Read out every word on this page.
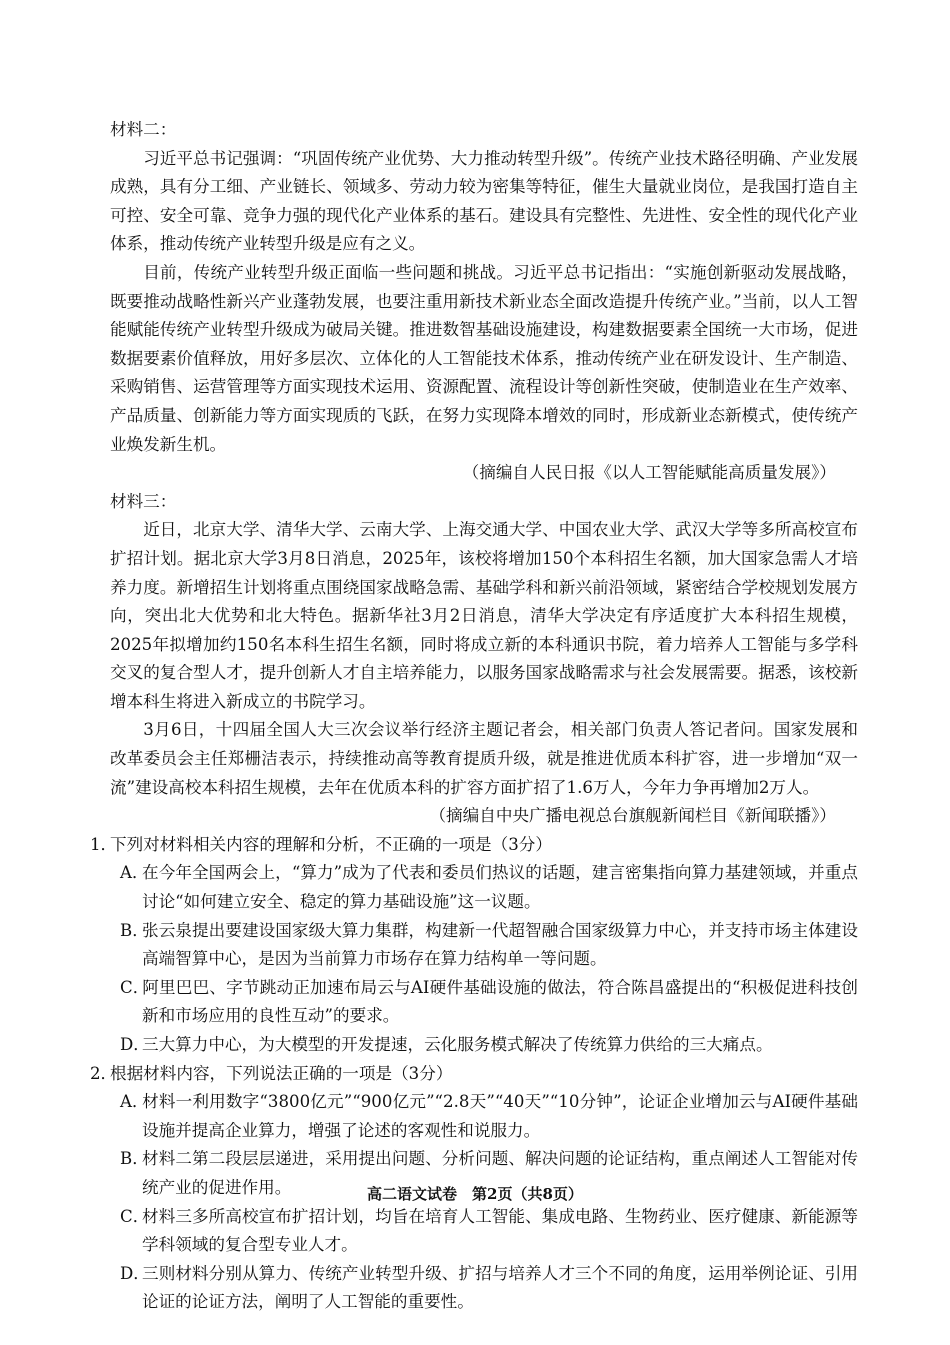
材料二：

习近平总书记强调：“巩固传统产业优势、大力推动转型升级”。传统产业技术路径明确、产业发展成熟，具有分工细、产业链长、领域多、劳动力较为密集等特征，催生大量就业岗位，是我国打造自主可控、安全可靠、竞争力强的现代化产业体系的基石。建设具有完整性、先进性、安全性的现代化产业体系，推动传统产业转型升级是应有之义。

目前，传统产业转型升级正面临一些问题和挑战。习近平总书记指出：“实施创新驱动发展战略，既要推动战略性新兴产业蓬勃发展，也要注重用新技术新业态全面改造提升传统产业。”当前，以人工智能赋能传统产业转型升级成为破局关键。推进数智基础设施建设，构建数据要素全国统一大市场，促进数据要素价值释放，用好多层次、立体化的人工智能技术体系，推动传统产业在研发设计、生产制造、采购销售、运营管理等方面实现技术运用、资源配置、流程设计等创新性突破，使制造业在生产效率、产品质量、创新能力等方面实现质的飞跃，在努力实现降本增效的同时，形成新业态新模式，使传统产业焕发新生机。

（摘编自人民日报《以人工智能赋能高质量发展》）

材料三：

近日，北京大学、清华大学、云南大学、上海交通大学、中国农业大学、武汉大学等多所高校宣布扩招计划。据北京大学3月8日消息，2025年，该校将增加150个本科招生名额，加大国家急需人才培养力度。新增招生计划将重点围绕国家战略急需、基础学科和新兴前沿领域，紧密结合学校规划发展方向，突出北大优势和北大特色。据新华社3月2日消息，清华大学决定有序适度扩大本科招生规模，2025年拟增加约150名本科生招生名额，同时将成立新的本科通识书院，着力培养人工智能与多学科交叉的复合型人才，提升创新人才自主培养能力，以服务国家战略需求与社会发展需要。据悉，该校新增本科生将进入新成立的书院学习。

3月6日，十四届全国人大三次会议举行经济主题记者会，相关部门负责人答记者问。国家发展和改革委员会主任郑栅洁表示，持续推动高等教育提质升级，就是推进优质本科扩容，进一步增加“双一流”建设高校本科招生规模，去年在优质本科的扩容方面扩招了1.6万人，今年力争再增加2万人。

（摘编自中央广播电视总台旗舰新闻栏目《新闻联播》）

1．下列对材料相关内容的理解和分析，不正确的一项是（3分）

A．在今年全国两会上，“算力”成为了代表和委员们热议的话题，建言密集指向算力基建领域，并重点讨论“如何建立安全、稳定的算力基础设施”这一议题。

B．张云泉提出要建设国家级大算力集群，构建新一代超智融合国家级算力中心，并支持市场主体建设高端智算中心，是因为当前算力市场存在算力结构单一等问题。

C．阿里巴巴、字节跳动正加速布局云与AI硬件基础设施的做法，符合陈昌盛提出的“积极促进科技创新和市场应用的良性互动”的要求。

D．三大算力中心，为大模型的开发提速，云化服务模式解决了传统算力供给的三大痛点。

2．根据材料内容，下列说法正确的一项是（3分）

A．材料一利用数字“3800亿元”“900亿元”“2.8天”“40天”“10分钟”，论证企业增加云与AI硬件基础设施并提高企业算力，增强了论述的客观性和说服力。

B．材料二第二段层层递进，采用提出问题、分析问题、解决问题的论证结构，重点阐述人工智能对传统产业的促进作用。

C．材料三多所高校宣布扩招计划，均旨在培育人工智能、集成电路、生物药业、医疗健康、新能源等学科领域的复合型专业人才。

D．三则材料分别从算力、传统产业转型升级、扩招与培养人才三个不同的角度，运用举例论证、引用论证的论证方法，阐明了人工智能的重要性。

高二语文试卷　第2页（共8页）
